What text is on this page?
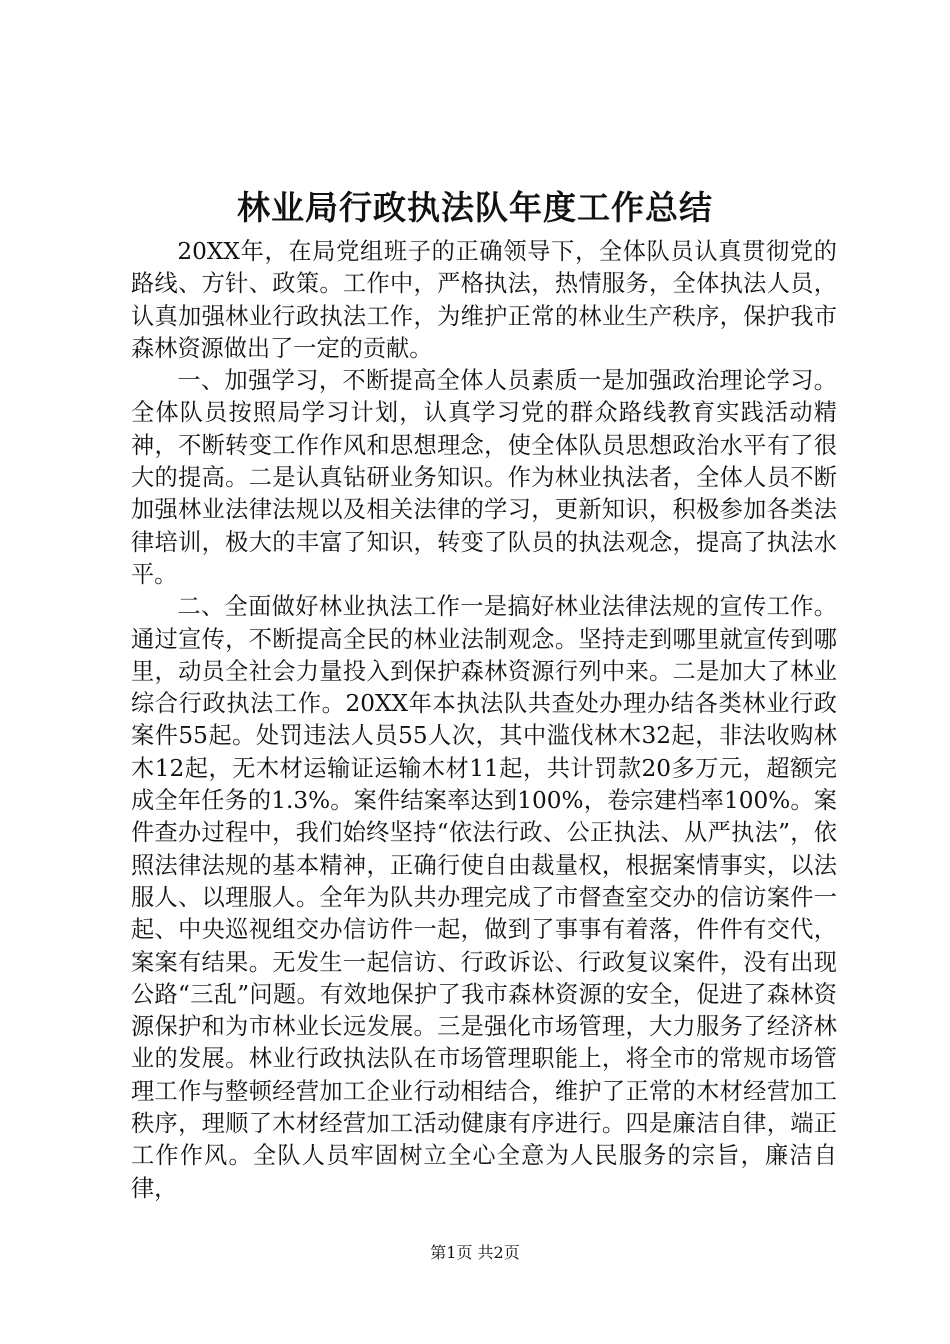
林业局行政执法队年度工作总结

20XX年，在局党组班子的正确领导下，全体队员认真贯彻党的路线、方针、政策。工作中，严格执法，热情服务，全体执法人员，认真加强林业行政执法工作，为维护正常的林业生产秩序，保护我市森林资源做出了一定的贡献。

一、加强学习，不断提高全体人员素质一是加强政治理论学习。全体队员按照局学习计划，认真学习党的群众路线教育实践活动精神，不断转变工作作风和思想理念，使全体队员思想政治水平有了很大的提高。二是认真钻研业务知识。作为林业执法者，全体人员不断加强林业法律法规以及相关法律的学习，更新知识，积极参加各类法律培训，极大的丰富了知识，转变了队员的执法观念，提高了执法水平。

二、全面做好林业执法工作一是搞好林业法律法规的宣传工作。通过宣传，不断提高全民的林业法制观念。坚持走到哪里就宣传到哪里，动员全社会力量投入到保护森林资源行列中来。二是加大了林业综合行政执法工作。20XX年本执法队共查处办理办结各类林业行政案件55起。处罚违法人员55人次，其中滥伐林木32起，非法收购林木12起，无木材运输证运输木材11起，共计罚款20多万元，超额完成全年任务的1.3%。案件结案率达到100%，卷宗建档率100%。案件查办过程中，我们始终坚持“依法行政、公正执法、从严执法”，依照法律法规的基本精神，正确行使自由裁量权，根据案情事实，以法服人、以理服人。全年为队共办理完成了市督查室交办的信访案件一起、中央巡视组交办信访件一起，做到了事事有着落，件件有交代，案案有结果。无发生一起信访、行政诉讼、行政复议案件，没有出现公路“三乱”问题。有效地保护了我市森林资源的安全，促进了森林资源保护和为市林业长远发展。三是强化市场管理，大力服务了经济林业的发展。林业行政执法队在市场管理职能上，将全市的常规市场管理工作与整顿经营加工企业行动相结合，维护了正常的木材经营加工秩序，理顺了木材经营加工活动健康有序进行。四是廉洁自律，端正工作作风。全队人员牢固树立全心全意为人民服务的宗旨，廉洁自律，

第1页 共2页
